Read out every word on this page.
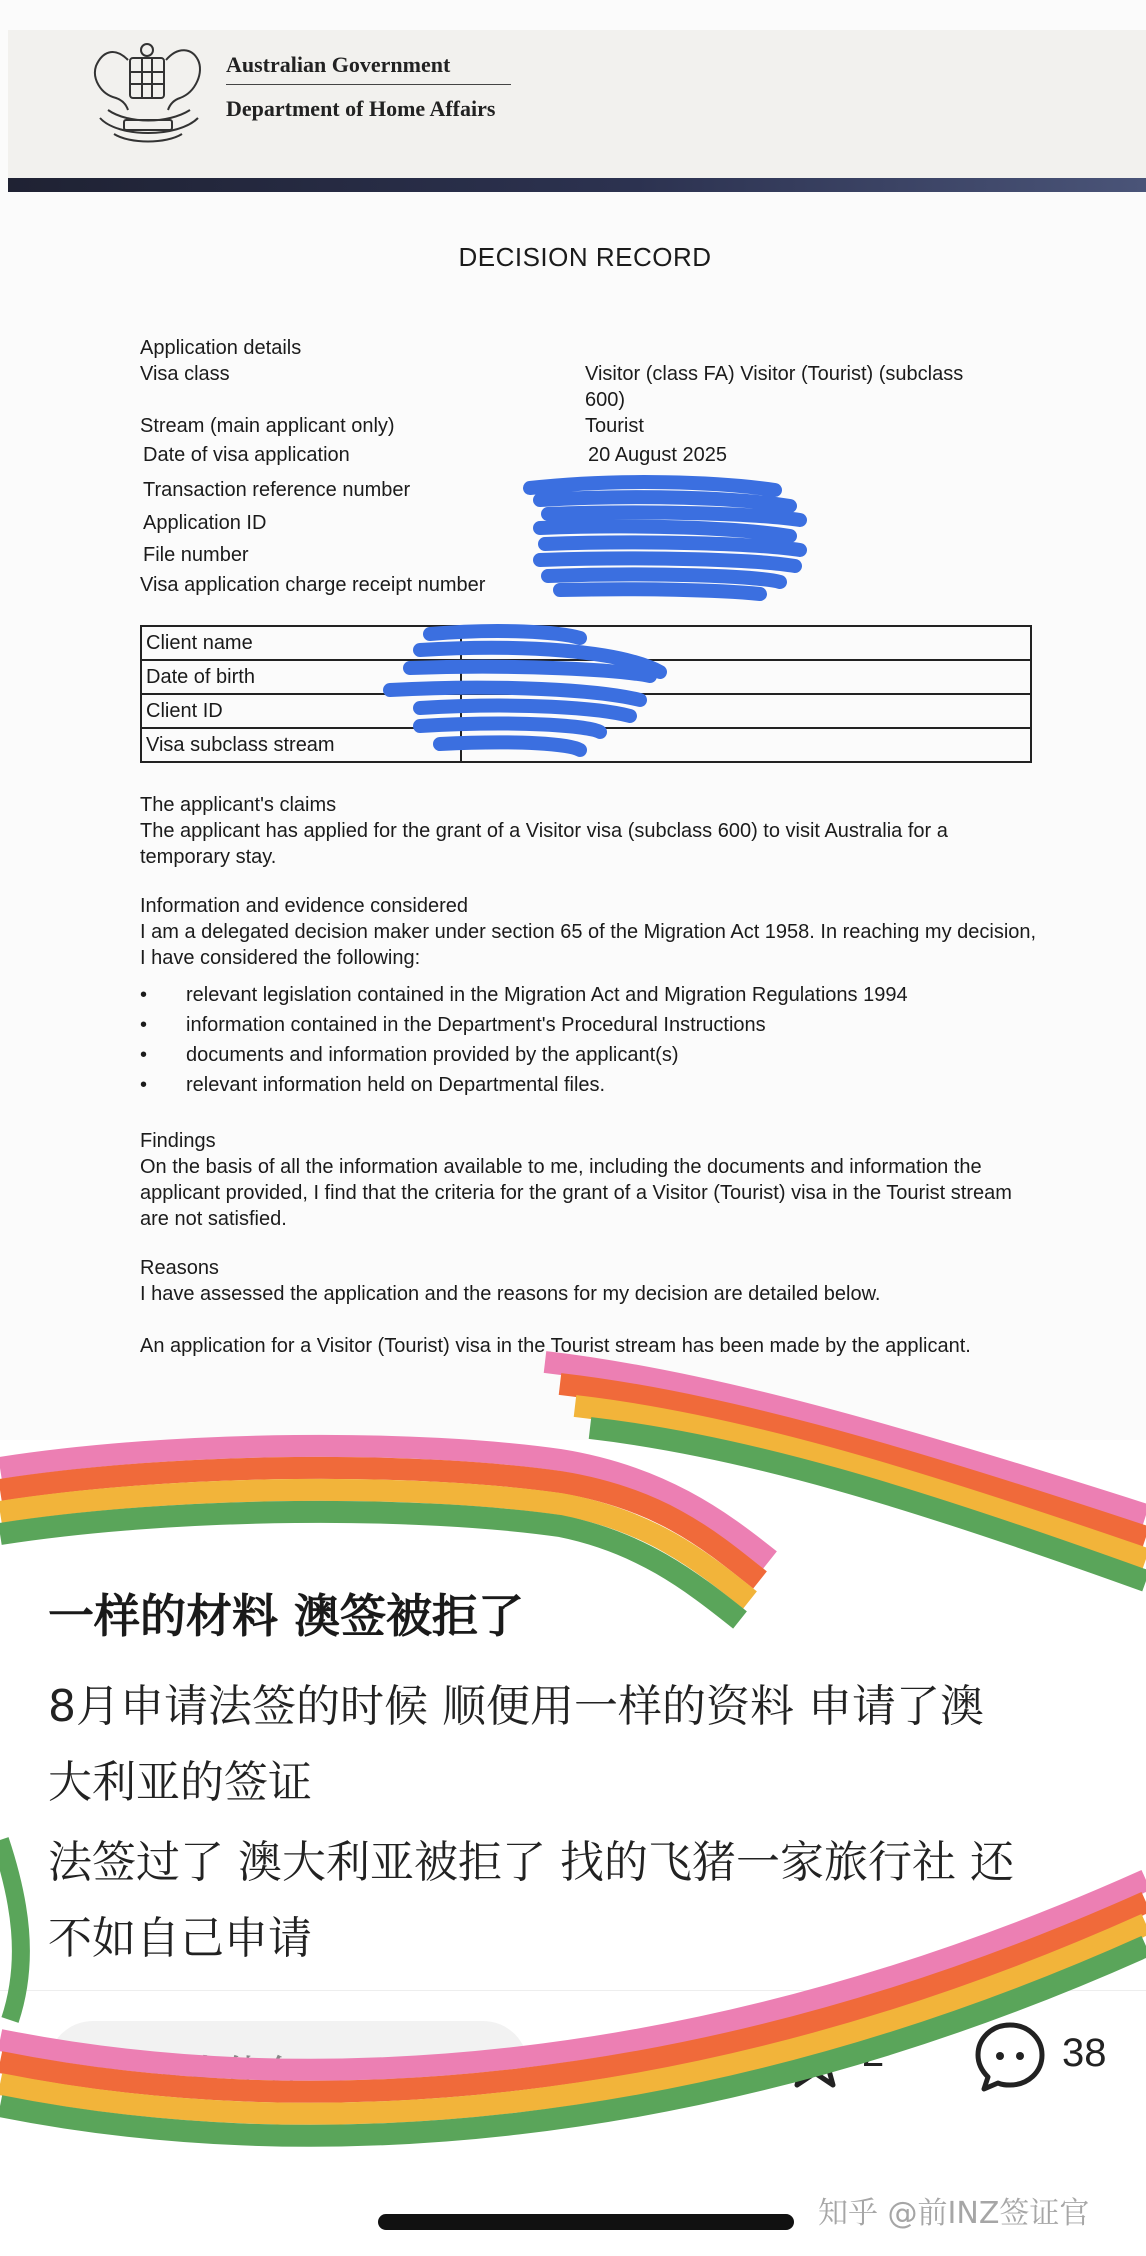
Australian Government
Department of Home Affairs
DECISION RECORD
Application details
Visa class	Visitor (class FA) Visitor (Tourist) (subclass
600)
Stream (main applicant only)	Tourist
Date of visa application	20 August 2025
Transaction reference number
Application ID
File number
Visa application charge receipt number
Client name	
Date of birth	
Client ID	
Visa subclass stream	
The applicant's claims
The applicant has applied for the grant of a Visitor visa (subclass 600) to visit Australia for a temporary stay.
Information and evidence considered
I am a delegated decision maker under section 65 of the Migration Act 1958. In reaching my decision, I have considered the following:
• relevant legislation contained in the Migration Act and Migration Regulations 1994
• information contained in the Department's Procedural Instructions
• documents and information provided by the applicant(s)
• relevant information held on Departmental files.
Findings
On the basis of all the information available to me, including the documents and information the applicant provided, I find that the criteria for the grant of a Visitor (Tourist) visa in the Tourist stream are not satisfied.
Reasons
I have assessed the application and the reasons for my decision are detailed below.
An application for a Visitor (Tourist) visa in the Tourist stream has been made by the applicant.
一样的材料 澳签被拒了
8月申请法签的时候 顺便用一样的资料 申请了澳
大利亚的签证
法签过了 澳大利亚被拒了 找的飞猪一家旅行社 还
不如自己申请
说点什么	2	38
知乎 @前INZ签证官
